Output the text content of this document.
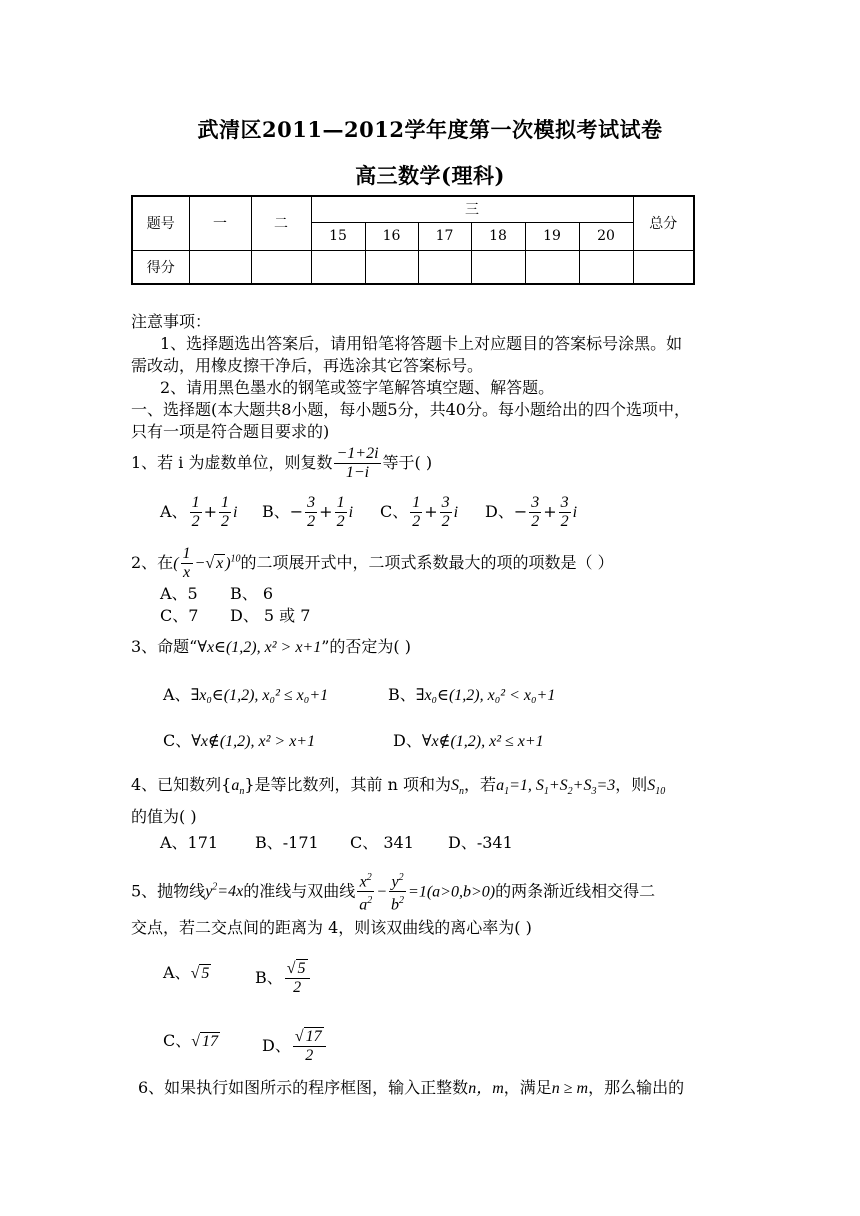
武清区2011—2012学年度第一次模拟考试试卷
高三数学(理科)
题号	一	二	三						总分
			15	16	17	18	19	20	
得分									
注意事项：
1、选择题选出答案后，请用铅笔将答题卡上对应题目的答案标号涂黑。如
需改动，用橡皮擦干净后，再选涂其它答案标号。
2、请用黑色墨水的钢笔或签字笔解答填空题、解答题。
一、选择题(本大题共8小题，每小题5分，共40分。每小题给出的四个选项中，
只有一项是符合题目要求的)
1、若 i 为虚数单位，则复数 $\frac{-1+2i}{1-i}$ 等于( )
A、 $\frac{1}{2} + \frac{1}{2}$ i B、− $\frac{3}{2} + \frac{1}{2}$ i C、 $\frac{1}{2} + \frac{3}{2}$ i D、− $\frac{3}{2} + \frac{3}{2}$ i
2、在( $\frac{1}{x}$ −√ x )$^{10}$的二项展开式中，二项式系数最大的项的项数是（ ）
A、5 B、 6
C、7 D、 5 或 7
3、命题“∀x∈(1,2), x² > x+1”的否定为( )
A、∃x₀∈(1,2), x₀² ≤ x₀+1	B、∃x₀∈(1,2), x₀² < x₀+1
C、∀x∉(1,2), x² > x+1	D、∀x∉(1,2), x² ≤ x+1
4、已知数列$\{a_n\}$是等比数列，其前 n 项和为$S_n$，若$a_1=1$, $S_1+S_2+S_3=3$，则$S_{10}$
的值为( )
A、171 B、-171 C、 341 D、-341
5、抛物线$y^2=4x$的准线与双曲线 $\frac{x^2}{a^2} - \frac{y^2}{b^2} =1(a>0,b>0)$的两条渐近线相交得二
交点，若二交点间的距离为 4，则该双曲线的离心率为( )
A、√ 5	B、 $\frac{√ 5}{2}$
C、√ 17	D、 $\frac{√ 17}{2}$
6、如果执行如图所示的程序框图，输入正整数n，m，满足n ≥ m，那么输出的
